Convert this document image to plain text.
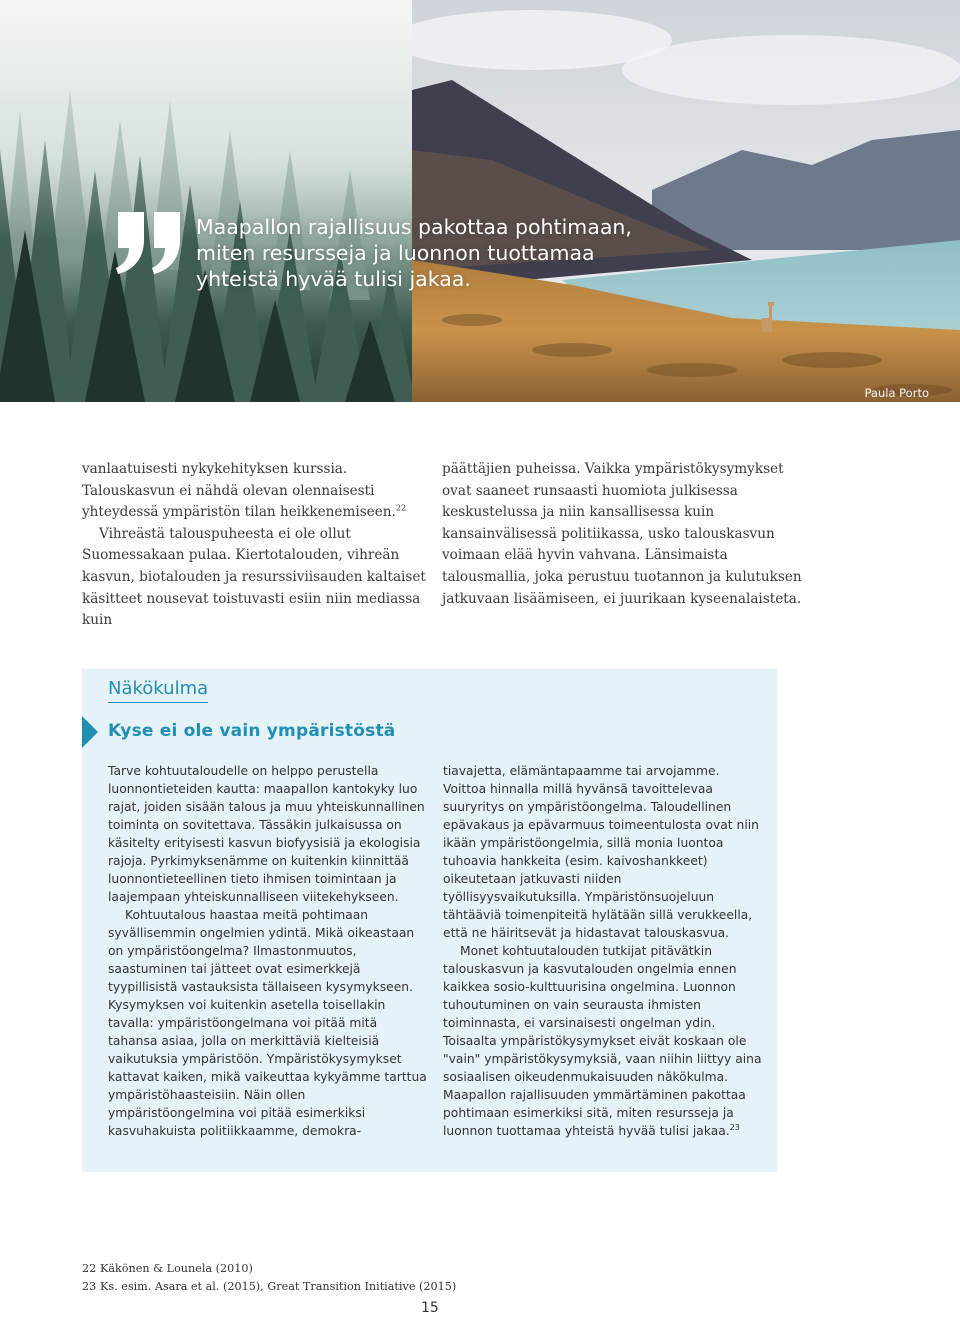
Maapallon rajallisuus pakottaa pohtimaan,
miten resursseja ja luonnon tuottamaa
yhteistä hyvää tulisi jakaa.
Paula Porto

vanlaatuisesti nykykehityksen kurssia. Talouskasvun ei nähdä olevan olennaisesti yhteydessä ympäristön tilan heikkenemiseen.$^{22}$

Vihreästä talouspuheesta ei ole ollut Suomessakaan pulaa. Kiertotalouden, vihreän kasvun, biotalouden ja resurssiviisauden kaltaiset käsitteet nousevat toistuvasti esiin niin mediassa kuin

päättäjien puheissa. Vaikka ympäristökysymykset ovat saaneet runsaasti huomiota julkisessa keskustelussa ja niin kansallisessa kuin kansainvälisessä politiikassa, usko talouskasvun voimaan elää hyvin vahvana. Länsimaista talousmallia, joka perustuu tuotannon ja kulutuksen jatkuvaan lisäämiseen, ei juurikaan kyseenalaisteta.

Näkökulma
Kyse ei ole vain ympäristöstä

Tarve kohtuutaloudelle on helppo perustella luonnontieteiden kautta: maapallon kantokyky luo rajat, joiden sisään talous ja muu yhteiskunnallinen toiminta on sovitettava. Tässäkin julkaisussa on käsitelty erityisesti kasvun biofyysisiä ja ekologisia rajoja. Pyrkimyksenämme on kuitenkin kiinnittää luonnontieteellinen tieto ihmisen toimintaan ja laajempaan yhteiskunnalliseen viitekehykseen.

Kohtuutalous haastaa meitä pohtimaan syvällisemmin ongelmien ydintä. Mikä oikeastaan on ympäristöongelma? Ilmastonmuutos, saastuminen tai jätteet ovat esimerkkejä tyypillisistä vastauksista tällaiseen kysymykseen. Kysymyksen voi kuitenkin asetella toisellakin tavalla: ympäristöongelmana voi pitää mitä tahansa asiaa, jolla on merkittäviä kielteisiä vaikutuksia ympäristöön. Ympäristökysymykset kattavat kaiken, mikä vaikeuttaa kykyämme tarttua ympäristöhaasteisiin. Näin ollen ympäristöongelmina voi pitää esimerkiksi kasvuhakuista politiikkaamme, demokra-

tiavajetta, elämäntapaamme tai arvojamme. Voittoa hinnalla millä hyvänsä tavoittelevaa suuryritys on ympäristöongelma. Taloudellinen epävakaus ja epävarmuus toimeentulosta ovat niin ikään ympäristöongelmia, sillä monia luontoa tuhoavia hankkeita (esim. kaivoshankkeet) oikeutetaan jatkuvasti niiden työllisyysvaikutuksilla. Ympäristönsuojeluun tähtääviä toimenpiteitä hylätään sillä verukkeella, että ne häiritsevät ja hidastavat talouskasvua.

Monet kohtuutalouden tutkijat pitävätkin talouskasvun ja kasvutalouden ongelmia ennen kaikkea sosio-kulttuurisina ongelmina. Luonnon tuhoutuminen on vain seurausta ihmisten toiminnasta, ei varsinaisesti ongelman ydin. Toisaalta ympäristökysymykset eivät koskaan ole "vain" ympäristökysymyksiä, vaan niihin liittyy aina sosiaalisen oikeudenmukaisuuden näkökulma. Maapallon rajallisuuden ymmärtäminen pakottaa pohtimaan esimerkiksi sitä, miten resursseja ja luonnon tuottamaa yhteistä hyvää tulisi jakaa.$^{23}$

22 Käkönen & Lounela (2010)
23 Ks. esim. Asara et al. (2015), Great Transition Initiative (2015)
15
